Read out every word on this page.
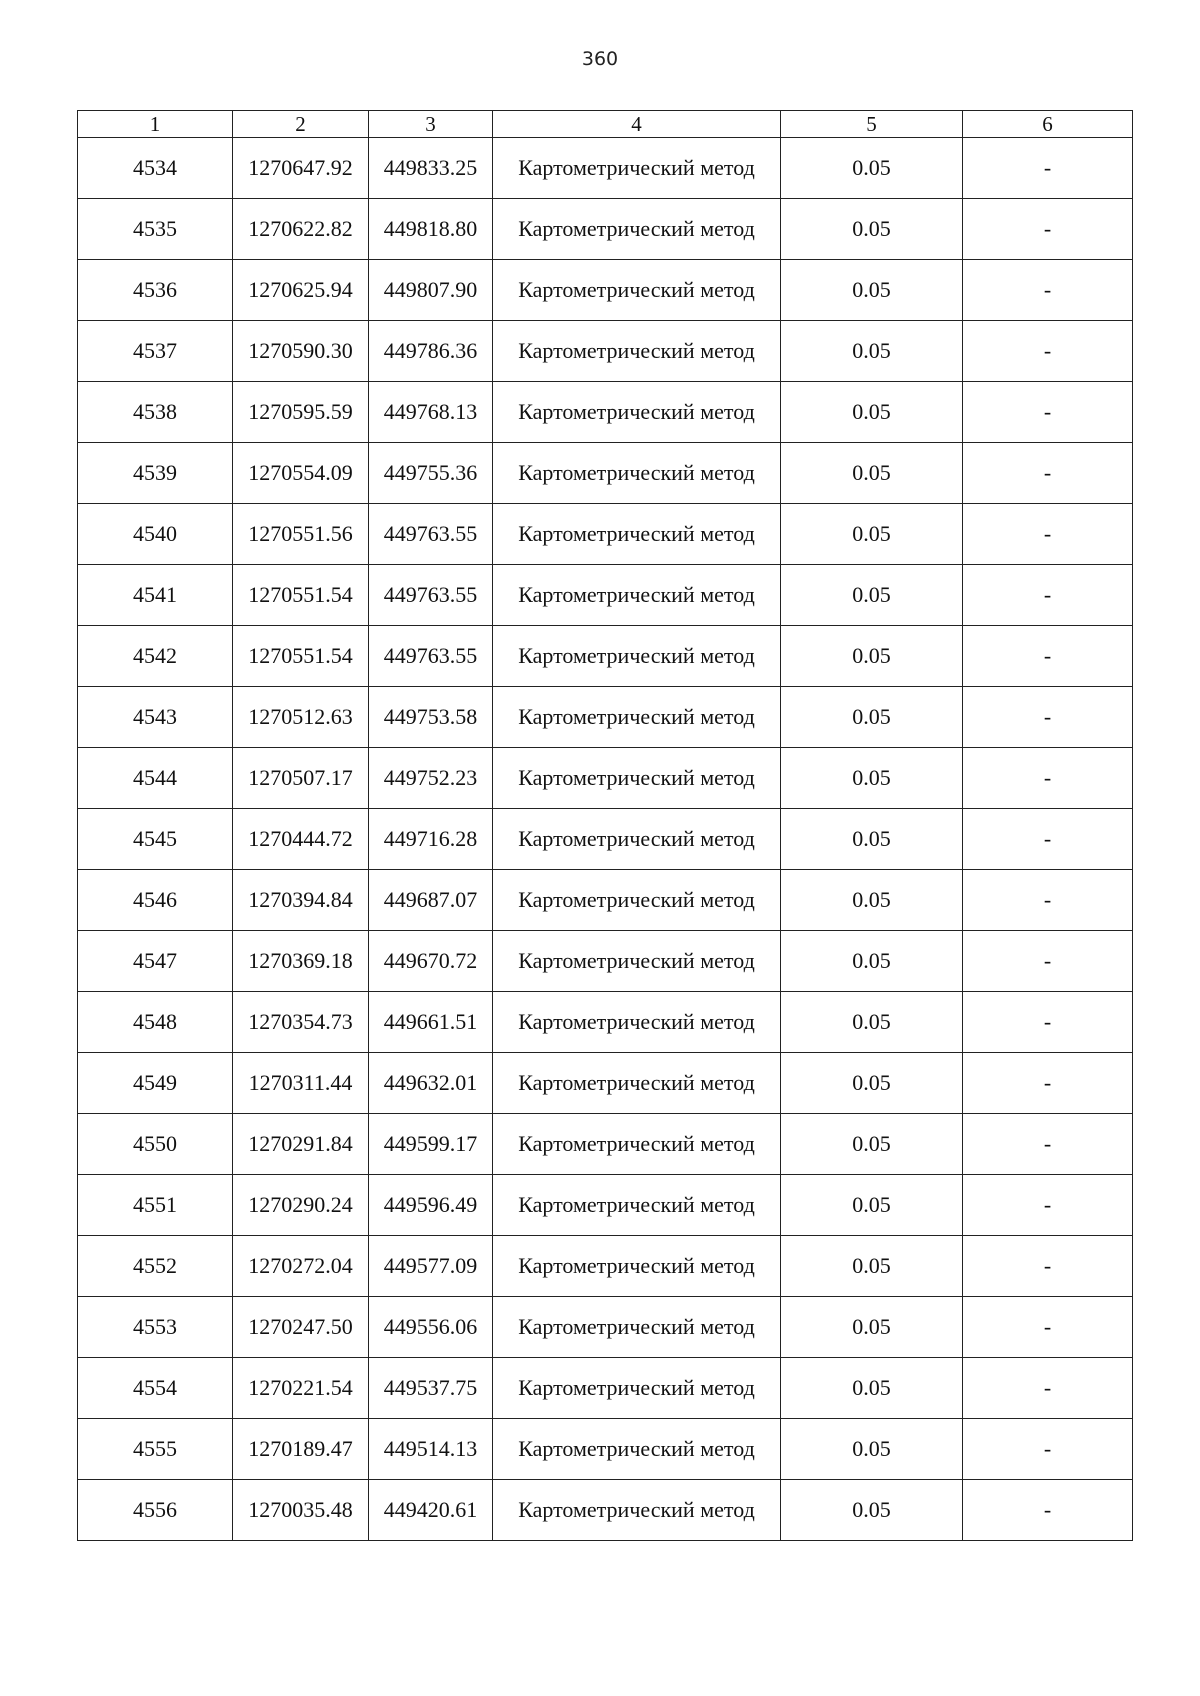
360
1	2	3	4	5	6
4534	1270647.92	449833.25	Картометрический метод	0.05	-
4535	1270622.82	449818.80	Картометрический метод	0.05	-
4536	1270625.94	449807.90	Картометрический метод	0.05	-
4537	1270590.30	449786.36	Картометрический метод	0.05	-
4538	1270595.59	449768.13	Картометрический метод	0.05	-
4539	1270554.09	449755.36	Картометрический метод	0.05	-
4540	1270551.56	449763.55	Картометрический метод	0.05	-
4541	1270551.54	449763.55	Картометрический метод	0.05	-
4542	1270551.54	449763.55	Картометрический метод	0.05	-
4543	1270512.63	449753.58	Картометрический метод	0.05	-
4544	1270507.17	449752.23	Картометрический метод	0.05	-
4545	1270444.72	449716.28	Картометрический метод	0.05	-
4546	1270394.84	449687.07	Картометрический метод	0.05	-
4547	1270369.18	449670.72	Картометрический метод	0.05	-
4548	1270354.73	449661.51	Картометрический метод	0.05	-
4549	1270311.44	449632.01	Картометрический метод	0.05	-
4550	1270291.84	449599.17	Картометрический метод	0.05	-
4551	1270290.24	449596.49	Картометрический метод	0.05	-
4552	1270272.04	449577.09	Картометрический метод	0.05	-
4553	1270247.50	449556.06	Картометрический метод	0.05	-
4554	1270221.54	449537.75	Картометрический метод	0.05	-
4555	1270189.47	449514.13	Картометрический метод	0.05	-
4556	1270035.48	449420.61	Картометрический метод	0.05	-
